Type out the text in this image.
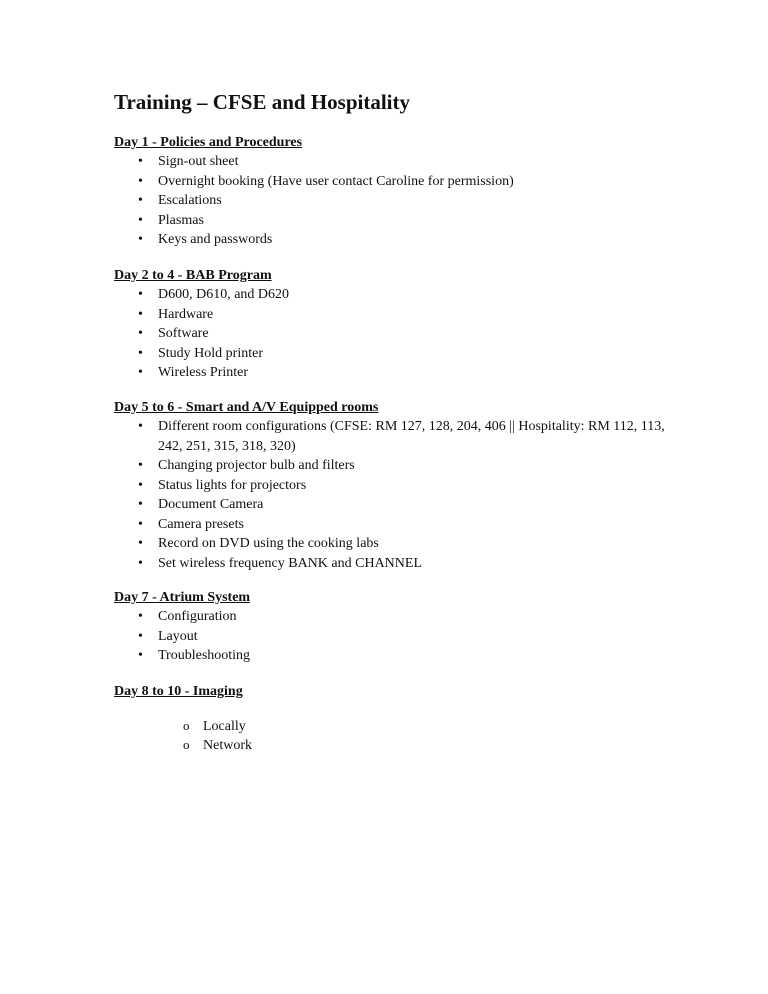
Training – CFSE and Hospitality

Day 1 - Policies and Procedures

• Sign-out sheet
• Overnight booking (Have user contact Caroline for permission)
• Escalations
• Plasmas
• Keys and passwords

Day 2 to 4 - BAB Program

• D600, D610, and D620
• Hardware
• Software
• Study Hold printer
• Wireless Printer

Day 5 to 6 - Smart and A/V Equipped rooms

• Different room configurations (CFSE: RM 127, 128, 204, 406 || Hospitality: RM 112, 113, 242, 251, 315, 318, 320)
• Changing projector bulb and filters
• Status lights for projectors
• Document Camera
• Camera presets
• Record on DVD using the cooking labs
• Set wireless frequency BANK and CHANNEL

Day 7 - Atrium System

• Configuration
• Layout
• Troubleshooting

Day 8 to 10 - Imaging

o Locally
o Network
